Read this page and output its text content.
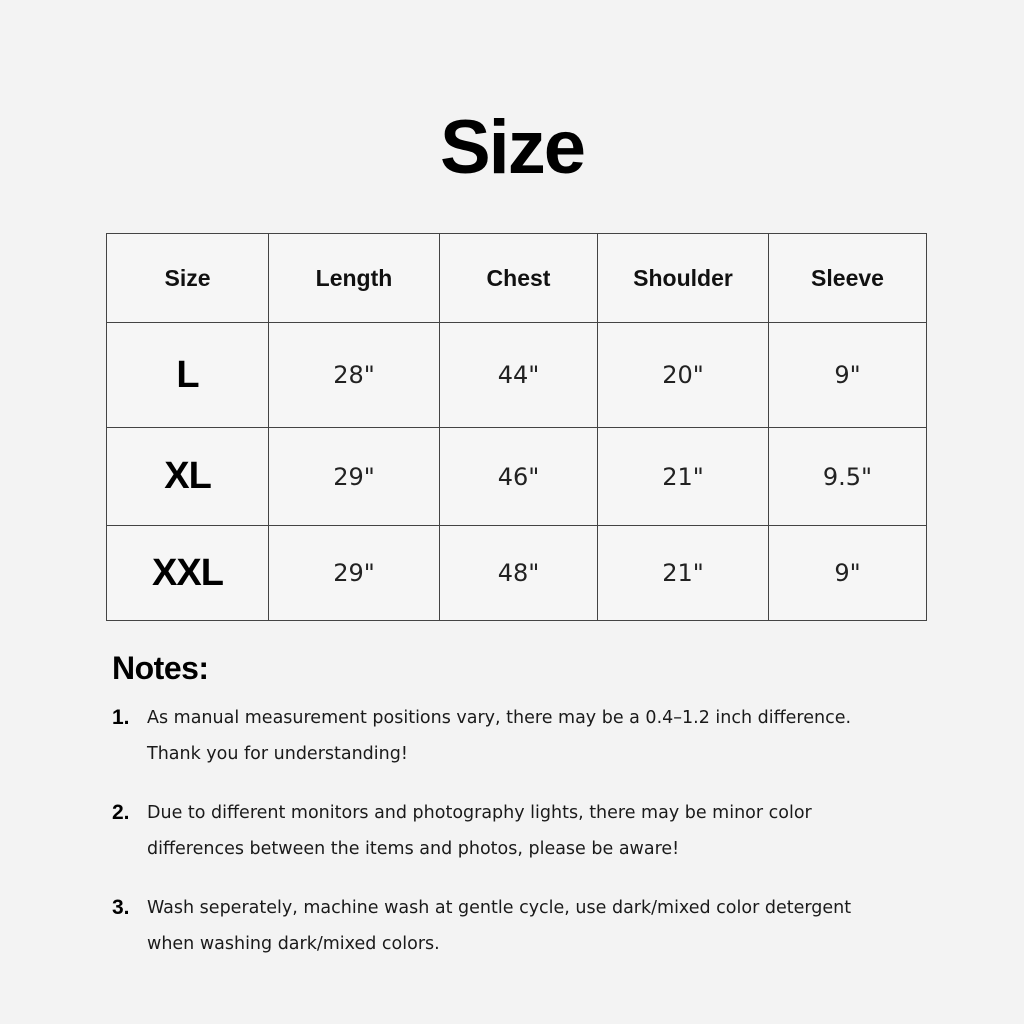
Size
Size	Length	Chest	Shoulder	Sleeve
L	28"	44"	20"	9"
XL	29"	46"	21"	9.5"
XXL	29"	48"	21"	9"
Notes:
1. As manual measurement positions vary, there may be a 0.4–1.2 inch difference.
Thank you for understanding!
2. Due to different monitors and photography lights, there may be minor color
differences between the items and photos, please be aware!
3. Wash seperately, machine wash at gentle cycle, use dark/mixed color detergent
when washing dark/mixed colors.
